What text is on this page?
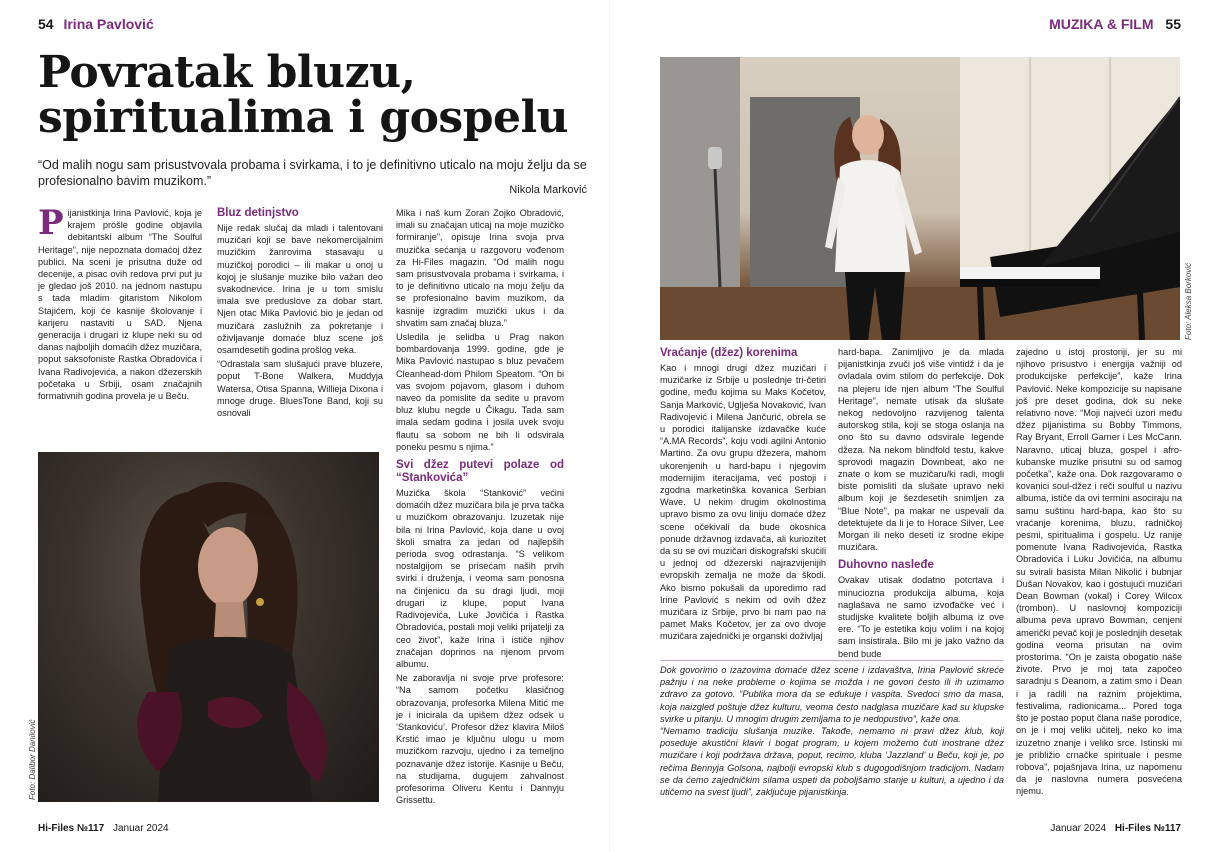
54 Irina Pavlović
Povratak bluzu, spiritualima i gospelu

“Od malih nogu sam prisustvovala probama i svirkama, i to je definitivno uticalo na moju želju da se profesionalno bavim muzikom.”

Nikola Marković
P ijanistkinja Irina Pavlović, koja je krajem prošle godine objavila debitantski album “The Soulful Heritage”, nije nepoznata domaćoj džez publici. Na sceni je prisutna duže od decenije, a pisac ovih redova prvi put ju je gledao još 2010. na jednom nastupu s tada mladim gitaristom Nikolom Stajićem, koji će kasnije školovanje i karijeru nastaviti u SAD. Njena generacija i drugari iz klupe neki su od danas najboljih domaćih džez muzičara, poput saksofoniste Rastka Obradovića i Ivana Radivojevića, a nakon džezerskih početaka u Srbiji, osam značajnih formativnih godina provela je u Beču.
Bluz detinjstvo

Nije redak slučaj da mladi i talentovani muzičari koji se bave nekomercijalnim muzičkim žanrovima stasavaju u muzičkoj porodici – ili makar u onoj u kojoj je slušanje muzike bilo važan deo svakodnevice. Irina je u tom smislu imala sve preduslove za dobar start. Njen otac Mika Pavlović bio je jedan od muzičara zaslužnih za pokretanje i oživljavanje domaće bluz scene još osamdesetih godina prošlog veka.

“Odrastala sam slušajući prave bluzere, poput T-Bone Walkera, Muddyja Watersa, Otisa Spanna, Willieja Dixona i mnoge druge. BluesTone Band, koji su osnovali

Mika i naš kum Zoran Zojko Obradović, imali su značajan uticaj na moje muzičko formiranje”, opisuje Irina svoja prva muzička sećanja u razgovoru vođenom za Hi-Files magazin. “Od malih nogu sam prisustvovala probama i svirkama, i to je definitivno uticalo na moju želju da se profesionalno bavim muzikom, da kasnije izgradim muzički ukus i da shvatim sam značaj bluza.”

Usledila je selidba u Prag nakon bombardovanja 1999. godine, gde je Mika Pavlović nastupao s bluz pevačem Cleanhead-dom Philom Speatom. “On bi vas svojom pojavom, glasom i duhom naveo da pomislite da sedite u pravom bluz klubu negde u Čikagu. Tada sam imala sedam godina i josila uvek svoju flautu sa sobom ne bih li odsvirala poneku pesmu s njima.”

Svi džez putevi polaze od “Stankovića”

Muzička škola “Stanković” većini domaćih džez muzičara bila je prva tačka u muzičkom obrazovanju. Izuzetak nije bila ni Irina Pavlović, koja dane u ovoj školi smatra za jedan od najlepših perioda svog odrastanja. “S velikom nostalgijom se prisećam naših prvih svirki i druženja, i veoma sam ponosna na činjenicu da su dragi ljudi, moji drugari iz klupe, poput Ivana Radivojevića, Luke Jovičića i Rastka Obradovića, postali moji veliki prijatelji za ceo život”, kaže Irina i ističe njihov značajan doprinos na njenom prvom albumu.

Ne zaboravlja ni svoje prve profesore: “Na samom početku klasičnog obrazovanja, profesorka Milena Mitić me je i inicirala da upišem džez odsek u ‘Stankoviću’. Profesor džez klavira Miloš Krstić imao je ključnu ulogu u mom muzičkom razvoju, ujedno i za temeljno poznavanje džez istorije. Kasnije u Beču, na studijama, dugujem zahvalnost profesorima Oliveru Kentu i Dannyju Grissettu.

Foto: Dalibor Danilović
Hi-Files №117 Januar 2024
MUZIKA & FILM 55
Foto: Aleksa Borković
Vraćanje (džez) korenima

Kao i mnogi drugi džez muzičari i muzičarke iz Srbije u poslednje tri-četiri godine, među kojima su Maks Kočetov, Sanja Marković, Uglješa Novaković, Ivan Radivojević i Milena Jančurić, obrela se u porodici italijanske izdavačke kuće “A.MA Records”, koju vodi agilni Antonio Martino. Za ovu grupu džezera, mahom ukorenjenih u hard-bapu i njegovim modernijim iteracijama, već postoji i zgodna marketinška kovanica Serbian Wave. U nekim drugim okolnostima upravo bismo za ovu liniju domaće džez scene očekivali da bude okosnica ponude državnog izdavača, ali kuriozitet da su se ovi muzičari diskografski skućili u jednoj od džezerski najrazvijenijih evropskih zemalja ne može da škodi. Ako bismo pokušali da uporedimo rad Irine Pavlović s nekim od ovih džez muzičara iz Srbije, prvo bi nam pao na pamet Maks Kočetov, jer za ovo dvoje muzičara zajednički je organski doživljaj

hard-bapa. Zanimljivo je da mlada pijanistkinja zvuči još više vintidž i da je ovladala ovim stilom do perfekcije. Dok na plejeru ide njen album “The Soulful Heritage”, nemate utisak da slušate nekog nedovoljno razvijenog talenta autorskog stila, koji se stoga oslanja na ono što su davno odsvirale legende džeza. Na nekom blindfold testu, kakve sprovodi magazin Downbeat, ako ne znate o kom se muzičaru/ki radi, mogli biste pomisliti da slušate upravo neki album koji je šezdesetih snimljen za “Blue Note”, pa makar ne uspevali da detektujete da li je to Horace Silver, Lee Morgan ili neko deseti iz srodne ekipe muzičara.

Duhovno nasleđe

Ovakav utisak dodatno potcrtava i minuciozna produkcija albuma, koja naglašava ne samo izvođačke već i studijske kvalitete boljih albuma iz ove ere. “To je estetika koju volim i na kojoj sam insistirala. Bilo mi je jako važno da bend bude

zajedno u istoj prostoriji, jer su mi njihovo prisustvo i energija važniji od produkcijske perfekcije”, kaže Irina Pavlović. Neke kompozicije su napisane još pre deset godina, dok su neke relativno nove. “Moji najveći uzori među džez pijanistima su Bobby Timmons, Ray Bryant, Erroll Garner i Les McCann. Naravno, uticaj bluza, gospel i afro-kubanske muzike prisutni su od samog početka”, kaže ona. Dok razgovaramo o kovanici soul-džez i reči soulful u nazivu albuma, ističe da ovi termini asociraju na samu suštinu hard-bapa, kao što su vraćanje korenima, bluzu, radničkoj pesmi, spiritualima i gospelu. Uz ranije pomenute Ivana Radivojevića, Rastka Obradovića i Luku Jovičića, na albumu su svirali basista Milan Nikolić i bubnjar Dušan Novakov, kao i gostujući muzičari Dean Bowman (vokal) i Corey Wilcox (trombon). U naslovnoj kompoziciji albuma peva upravo Bowman, cenjeni američki pevač koji je poslednjih desetak godina veoma prisutan na ovim prostorima. “On je zaista obogatio naše živote. Prvo je moj tata započeo saradnju s Deanom, a zatim smo i Dean i ja radili na raznim projektima, festivalima, radionicama... Pored toga što je postao poput člana naše porodice, on je i moj veliki učitelj, neko ko ima izuzetno znanje i veliko srce. Istinski mi je približio crnačke spirituale i pesme robova”, pojašnjava Irina, uz napomenu da je naslovna numera posvećena njemu.

Januar 2024 Hi-Files №117

Dok govorimo o izazovima domaće džez scene i izdavaštva, Irina Pavlović skreće pažnju i na neke probleme o kojima se možda i ne govori često ili ih uzimamo zdravo za gotovo. “Publika mora da se edukuje i vaspita. Svedoci smo da masa, koja naizgled poštuje džez kulturu, veoma često nadglasa muzičare kad su klupske svirke u pitanju. U mnogim drugim zemljama to je nedopustivo”, kaže ona.

“Nemamo tradiciju slušanja muzike. Takođe, nemamo ni pravi džez klub, koji poseduje akustični klavir i bogat program, u kojem možemo čuti inostrane džez muzičare i koji podržava država, poput, recimo, kluba ‘Jazzland’ u Beču, koji je, po rečima Bennyja Golsona, najbolji evropski klub s dugogodišnjom tradicijom. Nadam se da ćemo zajedničkim silama uspeti da poboljšamo stanje u kulturi, a ujedno i da utičemo na svest ljudi”, zaključuje pijanistkinja.
